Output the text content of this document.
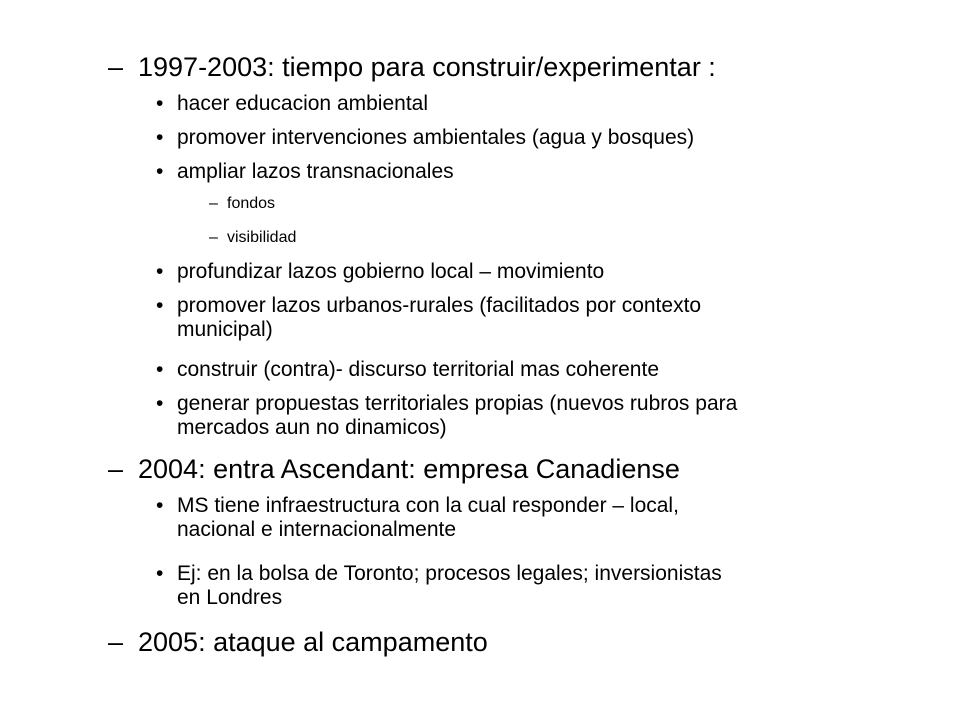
– 1997-2003: tiempo para construir/experimentar :
• hacer educacion ambiental
• promover intervenciones ambientales (agua y bosques)
• ampliar lazos transnacionales
– fondos
– visibilidad
• profundizar lazos gobierno local – movimiento
• promover lazos urbanos-rurales (facilitados por contexto
municipal)
• construir (contra)- discurso territorial mas coherente
• generar propuestas territoriales propias (nuevos rubros para
mercados aun no dinamicos)
– 2004: entra Ascendant: empresa Canadiense
• MS tiene infraestructura con la cual responder – local,
nacional e internacionalmente
• Ej: en la bolsa de Toronto; procesos legales; inversionistas
en Londres
– 2005: ataque al campamento
